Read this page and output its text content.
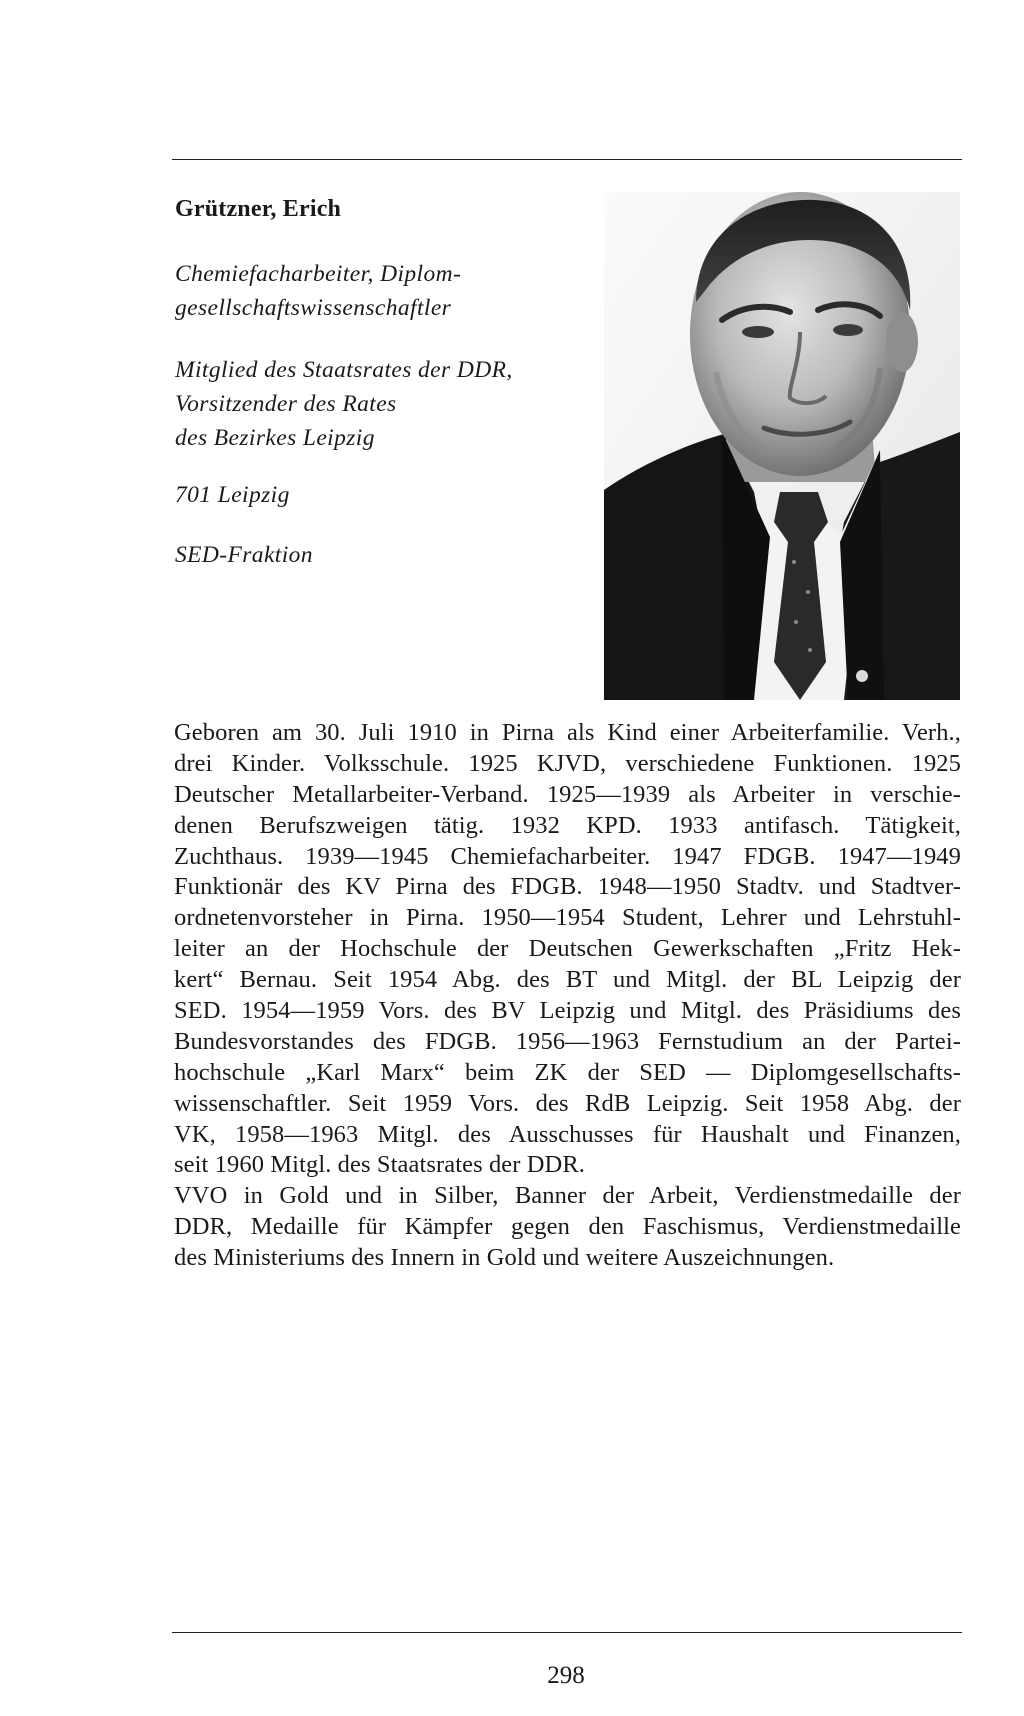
Grützner, Erich
Chemiefacharbeiter, Diplom-
gesellschaftswissenschaftler
Mitglied des Staatsrates der DDR,
Vorsitzender des Rates
des Bezirkes Leipzig
701 Leipzig
SED-Fraktion
Geboren am 30. Juli 1910 in Pirna als Kind einer Arbeiterfamilie. Verh.,
drei Kinder. Volksschule. 1925 KJVD, verschiedene Funktionen. 1925
Deutscher Metallarbeiter-Verband. 1925—1939 als Arbeiter in verschie-
denen Berufszweigen tätig. 1932 KPD. 1933 antifasch. Tätigkeit,
Zuchthaus. 1939—1945 Chemiefacharbeiter. 1947 FDGB. 1947—1949
Funktionär des KV Pirna des FDGB. 1948—1950 Stadtv. und Stadtver-
ordnetenvorsteher in Pirna. 1950—1954 Student, Lehrer und Lehrstuhl-
leiter an der Hochschule der Deutschen Gewerkschaften „Fritz Hek-
kert“ Bernau. Seit 1954 Abg. des BT und Mitgl. der BL Leipzig der
SED. 1954—1959 Vors. des BV Leipzig und Mitgl. des Präsidiums des
Bundesvorstandes des FDGB. 1956—1963 Fernstudium an der Partei-
hochschule „Karl Marx“ beim ZK der SED — Diplomgesellschafts-
wissenschaftler. Seit 1959 Vors. des RdB Leipzig. Seit 1958 Abg. der
VK, 1958—1963 Mitgl. des Ausschusses für Haushalt und Finanzen,
seit 1960 Mitgl. des Staatsrates der DDR.
VVO in Gold und in Silber, Banner der Arbeit, Verdienstmedaille der
DDR, Medaille für Kämpfer gegen den Faschismus, Verdienstmedaille
des Ministeriums des Innern in Gold und weitere Auszeichnungen.
298
